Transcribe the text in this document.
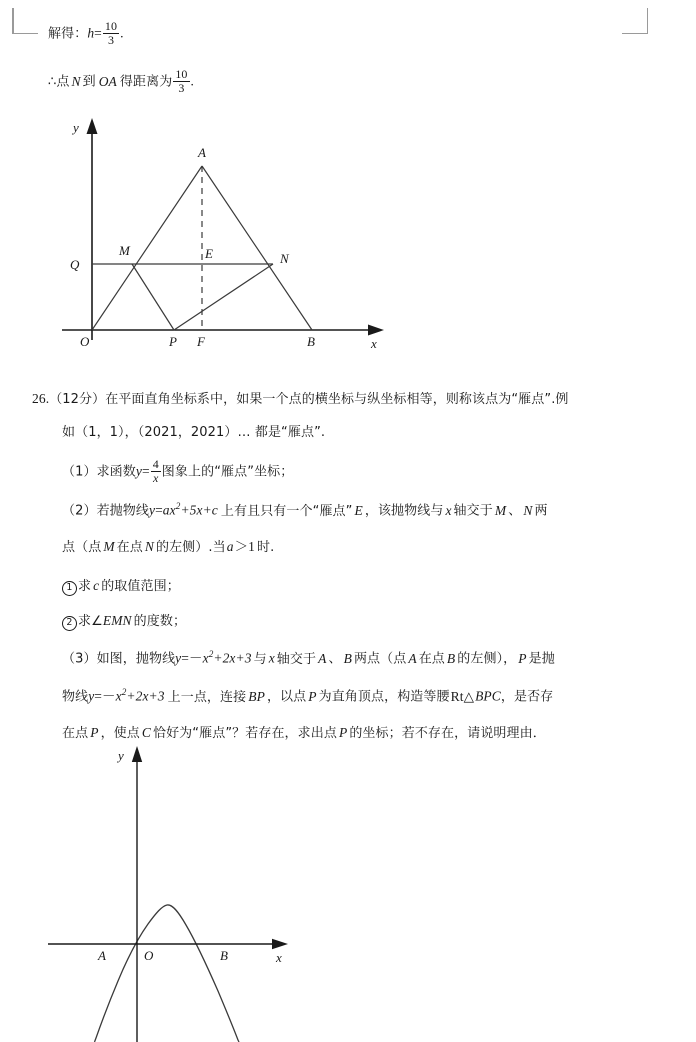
解得：$h= \frac{10}{3}$ .
∴点 N 到 OA 得距离为 $\frac{10}{3}$ .
y
x
A
M
N
Q
E
O	P F	B
26.（12分）在平面直角坐标系中，如果一个点的横坐标与纵坐标相等，则称该点为“雁点”.例
如（1，1），（2021，2021）… 都是“雁点”.
（1）求函数$y= \frac{4}{x}$ 图象上的“雁点”坐标；
（2）若抛物线$y=ax^2+5x+c$ 上有且只有一个“雁点” E ，该抛物线与 x 轴交于 M 、 N 两
点（点 M 在点 N 的左侧）.当a＞1 时.
1 求 c 的取值范围；
2 求∠EMN 的度数；
（3）如图，抛物线$y=-x^2+2x+3$ 与 x 轴交于 A 、 B 两点（点 A 在点 B 的左侧）， P 是抛
物线$y=-x^2+2x+3$ 上一点，连接 BP ，以点 P 为直角顶点，构造等腰Rt△BPC，是否存
在点 P ，使点 C 恰好为“雁点”？若存在，求出点 P 的坐标；若不存在，请说明理由．
y
x
A	O	B
